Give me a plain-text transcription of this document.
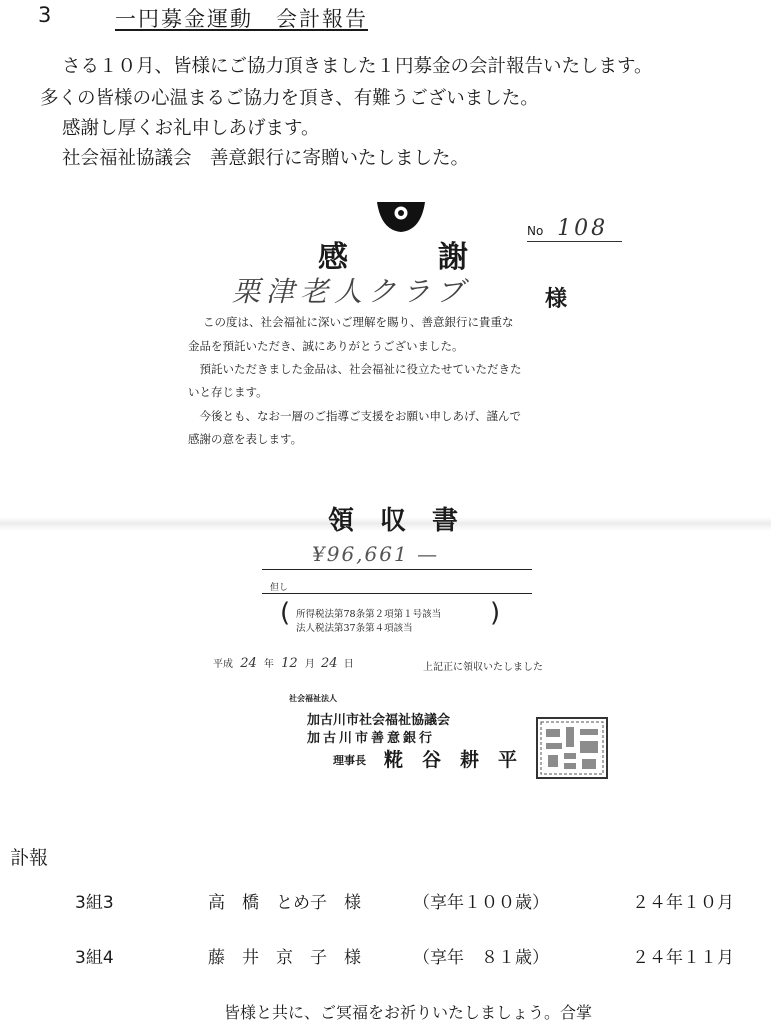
3	一円募金運動　会計報告
さる１０月、皆様にご協力頂きました１円募金の会計報告いたします。
多くの皆様の心温まるご協力を頂き、有難うございました。
感謝し厚くお礼申しあげます。
社会福祉協議会　善意銀行に寄贈いたしました。
No 108
感　　　謝
栗津老人クラブ	様
この度は、社会福祉に深いご理解を賜り、善意銀行に貴重な
金品を預託いただき、誠にありがとうございました。
　預託いただきました金品は、社会福祉に役立たせていただきた
いと存じます。
　今後とも、なお一層のご指導ご支援をお願い申しあげ、謹んで
感謝の意を表します。
領　収　書
¥96,661 —
但し
( 所得税法第78条第２項第１号該当
法人税法第37条第４項該当
)
平成 24 年 12 月 24 日	上記正に領収いたしました
社会福祉法人
加古川市社会福祉協議会
加古川市善意銀行
理事長 糀　谷　耕　平
訃報
3組3	高　橋　とめ子　様	（享年１００歳）	２４年１０月
3組4	藤　井　京　子　様	（享年　８１歳）	２４年１１月
皆様と共に、ご冥福をお祈りいたしましょう。合掌
